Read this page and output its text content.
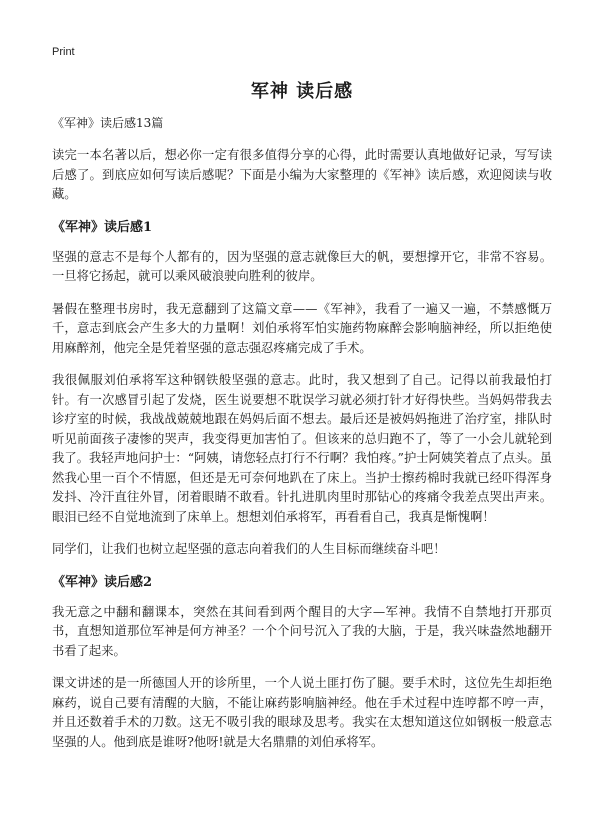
Print
军神 读后感
《军神》读后感13篇

读完一本名著以后，想必你一定有很多值得分享的心得，此时需要认真地做好记录，写写读后感了。到底应如何写读后感呢？下面是小编为大家整理的《军神》读后感，欢迎阅读与收藏。

《军神》读后感1

坚强的意志不是每个人都有的，因为坚强的意志就像巨大的帆，要想撑开它，非常不容易。一旦将它扬起，就可以乘风破浪驶向胜利的彼岸。

暑假在整理书房时，我无意翻到了这篇文章——《军神》，我看了一遍又一遍，不禁感慨万千，意志到底会产生多大的力量啊！刘伯承将军怕实施药物麻醉会影响脑神经，所以拒绝使用麻醉剂，他完全是凭着坚强的意志强忍疼痛完成了手术。

我很佩服刘伯承将军这种钢铁般坚强的意志。此时，我又想到了自己。记得以前我最怕打针。有一次感冒引起了发烧，医生说要想不耽误学习就必须打针才好得快些。当妈妈带我去诊疗室的时候，我战战兢兢地跟在妈妈后面不想去。最后还是被妈妈拖进了治疗室，排队时听见前面孩子凄惨的哭声，我变得更加害怕了。但该来的总归跑不了，等了一小会儿就轮到我了。我轻声地问护士：“阿姨，请您轻点打行不行啊？我怕疼。”护士阿姨笑着点了点头。虽然我心里一百个不情愿，但还是无可奈何地趴在了床上。当护士擦药棉时我就已经吓得浑身发抖、冷汗直往外冒，闭着眼睛不敢看。针扎进肌肉里时那钻心的疼痛令我差点哭出声来。眼泪已经不自觉地流到了床单上。想想刘伯承将军，再看看自己，我真是惭愧啊！

同学们，让我们也树立起坚强的意志向着我们的人生目标而继续奋斗吧！

《军神》读后感2

我无意之中翻和翻课本，突然在其间看到两个醒目的大字—军神。我情不自禁地打开那页书，直想知道那位军神是何方神圣？一个个问号沉入了我的大脑，于是，我兴味盎然地翻开书看了起来。

课文讲述的是一所德国人开的诊所里，一个人说土匪打伤了腿。要手术时，这位先生却拒绝麻药，说自己要有清醒的大脑，不能让麻药影响脑神经。他在手术过程中连哼都不哼一声，并且还数着手术的刀数。这无不吸引我的眼球及思考。我实在太想知道这位如钢板一般意志坚强的人。他到底是谁呀?他呀!就是大名鼎鼎的刘伯承将军。
